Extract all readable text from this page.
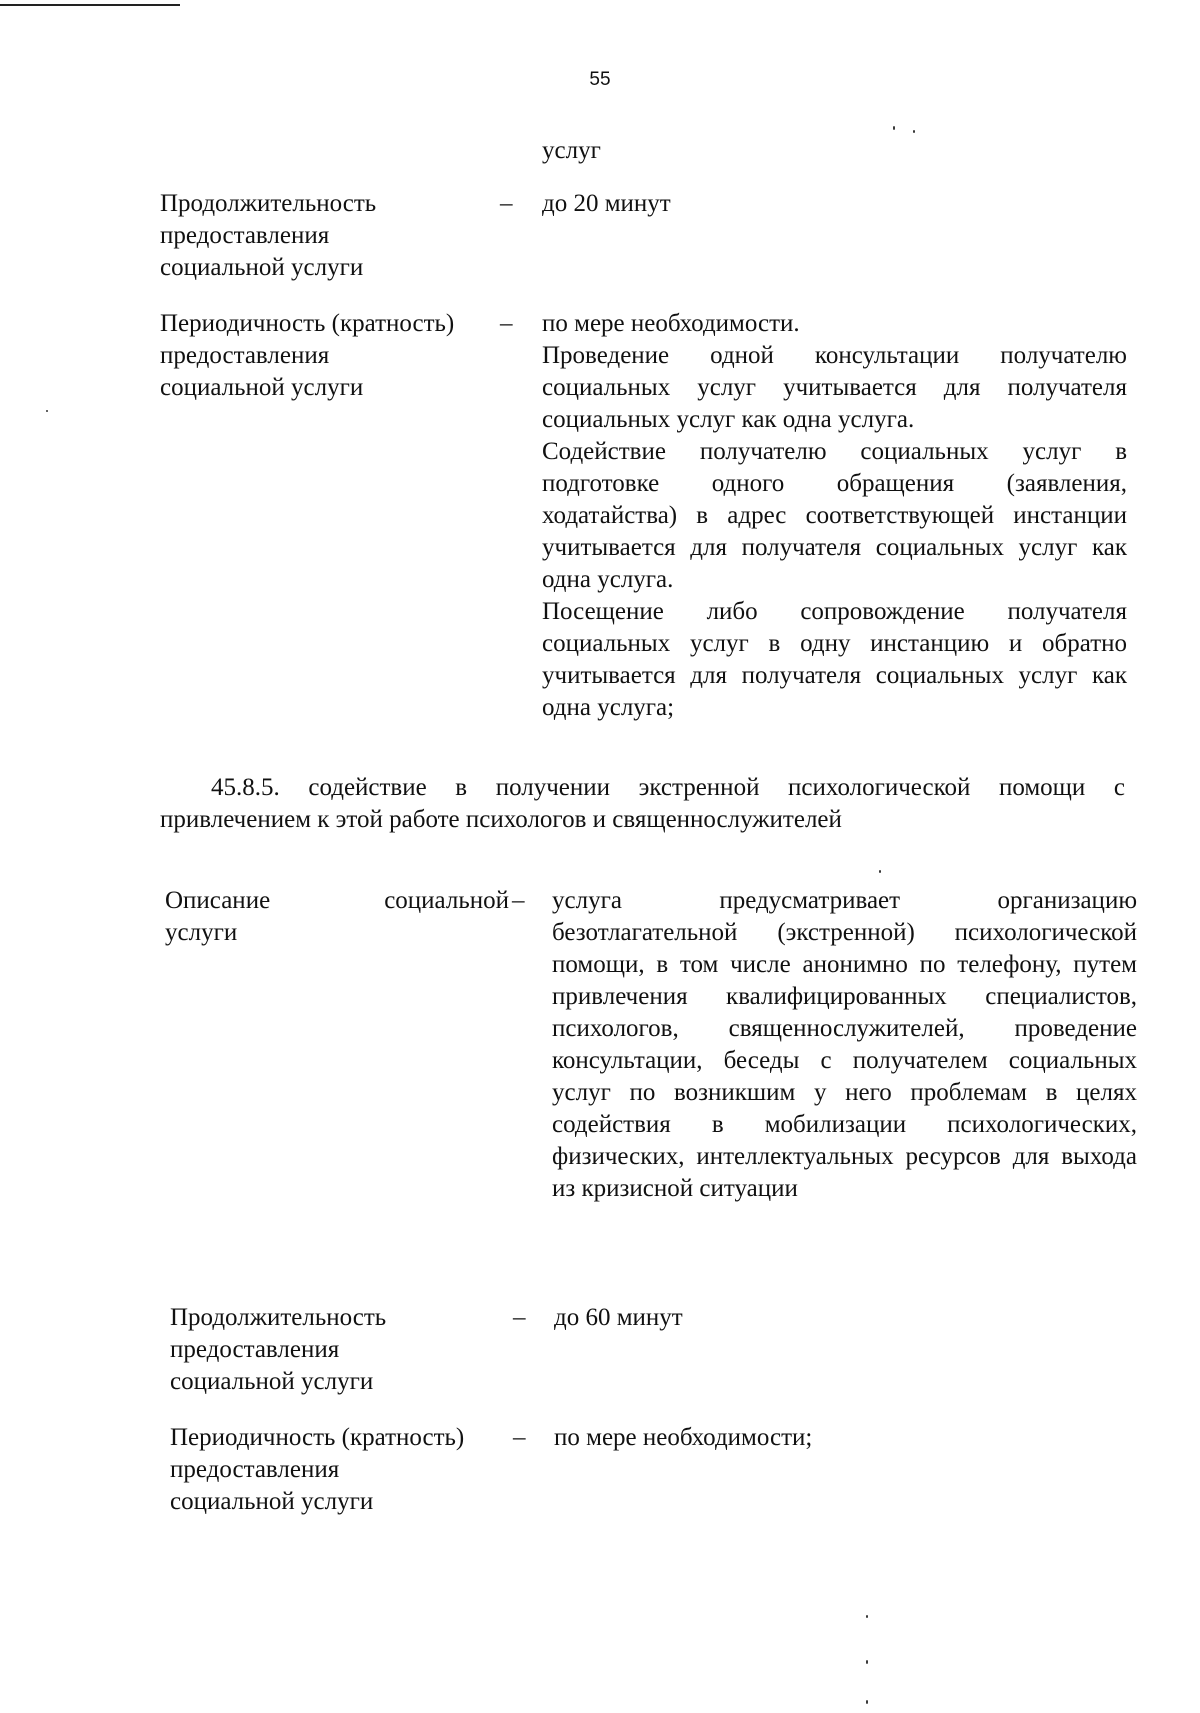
55
услуг
Продолжительность предоставления социальной услуги
– до 20 минут
Периодичность (кратность) предоставления социальной услуги
– по мере необходимости.

Проведение одной консультации получателю социальных услуг учитывается для получателя социальных услуг как одна услуга.

Содействие получателю социальных услуг в подготовке одного обращения (заявления, ходатайства) в адрес соответствующей инстанции учитывается для получателя социальных услуг как одна услуга.

Посещение либо сопровождение получателя социальных услуг в одну инстанцию и обратно учитывается для получателя социальных услуг как одна услуга;

45.8.5. содействие в получении экстренной психологической помощи с привлечением к этой работе психологов и священнослужителей
Описание	социальной
услуги
– услуга предусматривает организацию безотлагательной (экстренной) психологической помощи, в том числе анонимно по телефону, путем привлечения квалифицированных специалистов, психологов, священнослужителей, проведение консультации, беседы с получателем социальных услуг по возникшим у него проблемам в целях содействия в мобилизации психологических, физических, интеллектуальных ресурсов для выхода из кризисной ситуации
Продолжительность предоставления социальной услуги
– до 60 минут
Периодичность (кратность) предоставления социальной услуги
– по мере необходимости;
